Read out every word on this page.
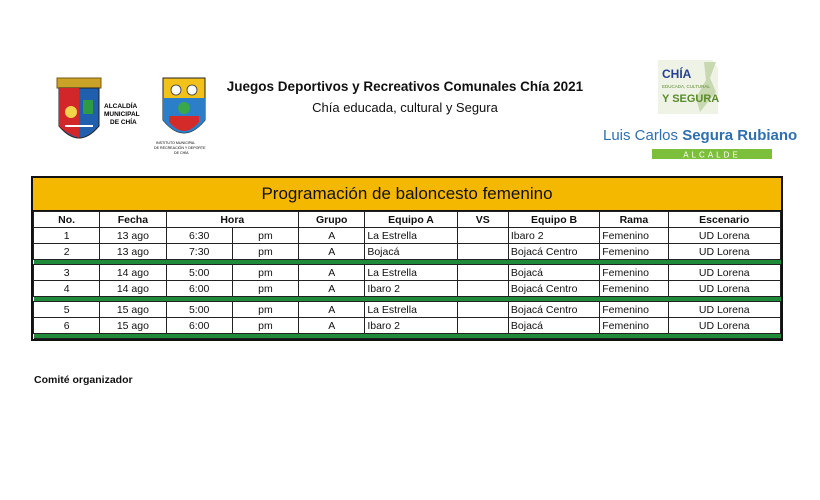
ALCALDÍA
MUNICIPAL
DE CHÍA
INSTITUTO MUNICIPAL
DE RECREACIÓN Y DEPORTE
DE CHÍA
Juegos Deportivos y Recreativos Comunales Chía 2021
Chía educada, cultural y Segura
CHÍA
EDUCADA, CULTURAL
Y SEGURA
Luis Carlos Segura Rubiano
ALCALDE
Programación de baloncesto femenino
No.	Fecha	Hora		Grupo	Equipo A	VS	Equipo B	Rama	Escenario
1	13 ago	6:30	pm	A	La Estrella		Ibaro 2	Femenino	UD Lorena
2	13 ago	7:30	pm	A	Bojacá		Bojacá Centro	Femenino	UD Lorena

3	14 ago	5:00	pm	A	La Estrella		Bojacá	Femenino	UD Lorena
4	14 ago	6:00	pm	A	Ibaro 2		Bojacá Centro	Femenino	UD Lorena

5	15 ago	5:00	pm	A	La Estrella		Bojacá Centro	Femenino	UD Lorena
6	15 ago	6:00	pm	A	Ibaro 2		Bojacá	Femenino	UD Lorena

Comité organizador
